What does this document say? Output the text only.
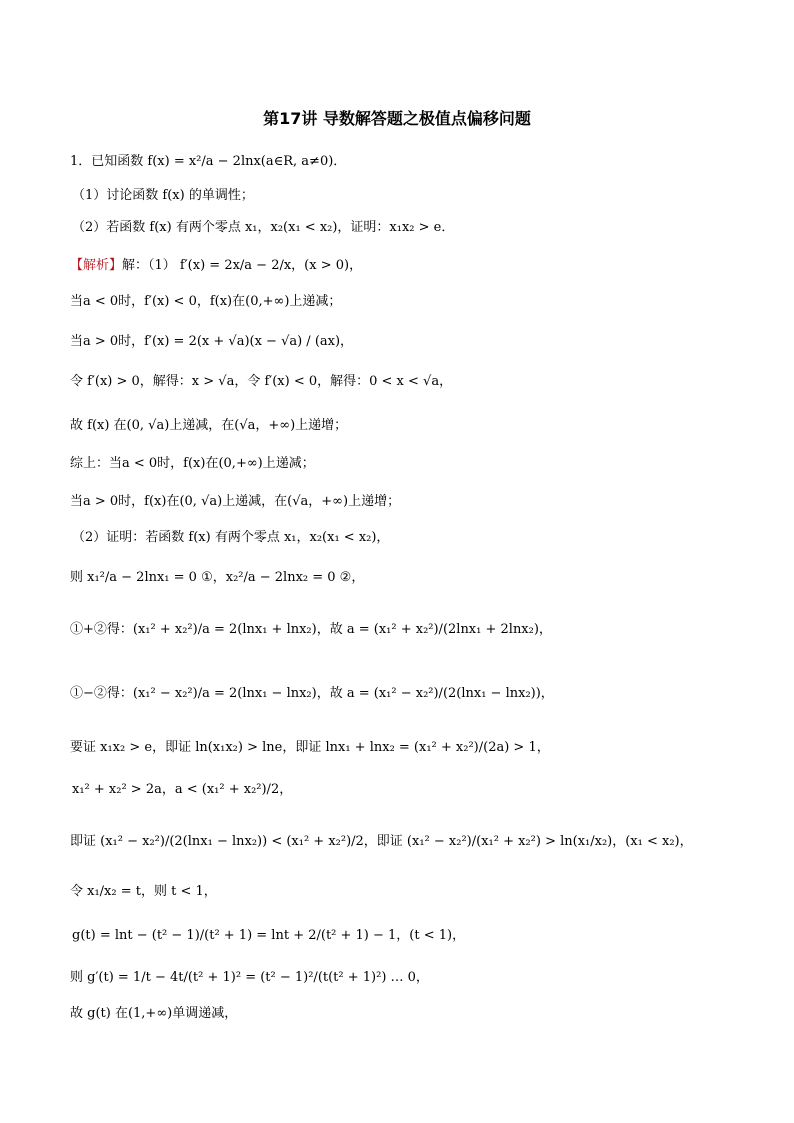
第17讲 导数解答题之极值点偏移问题
1．已知函数 f(x) = x²/a − 2lnx(a∈R, a≠0)．
（1）讨论函数 f(x) 的单调性；
（2）若函数 f(x) 有两个零点 x₁，x₂(x₁ < x₂)，证明：x₁x₂ > e．
【解析】解：（1） f′(x) = 2x/a − 2/x，(x > 0)，
当a < 0时，f′(x) < 0，f(x)在(0,+∞)上递减；
当a > 0时，f′(x) = 2(x + √a)(x − √a) / (ax)，
令 f′(x) > 0，解得：x > √a，令 f′(x) < 0，解得：0 < x < √a，
故 f(x) 在(0, √a)上递减，在(√a，+∞)上递增；
综上：当a < 0时，f(x)在(0,+∞)上递减；
当a > 0时，f(x)在(0, √a)上递减，在(√a，+∞)上递增；
（2）证明：若函数 f(x) 有两个零点 x₁，x₂(x₁ < x₂)，
则 x₁²/a − 2lnx₁ = 0 ①，x₂²/a − 2lnx₂ = 0 ②，
①+②得：(x₁² + x₂²)/a = 2(lnx₁ + lnx₂)，故 a = (x₁² + x₂²)/(2lnx₁ + 2lnx₂)，
①−②得：(x₁² − x₂²)/a = 2(lnx₁ − lnx₂)，故 a = (x₁² − x₂²)/(2(lnx₁ − lnx₂))，
要证 x₁x₂ > e，即证 ln(x₁x₂) > lne，即证 lnx₁ + lnx₂ = (x₁² + x₂²)/(2a) > 1，
x₁² + x₂² > 2a，a < (x₁² + x₂²)/2，
即证 (x₁² − x₂²)/(2(lnx₁ − lnx₂)) < (x₁² + x₂²)/2，即证 (x₁² − x₂²)/(x₁² + x₂²) > ln(x₁/x₂)，(x₁ < x₂)，
令 x₁/x₂ = t，则 t < 1，
g(t) = lnt − (t² − 1)/(t² + 1) = lnt + 2/(t² + 1) − 1，(t < 1)，
则 g′(t) = 1/t − 4t/(t² + 1)² = (t² − 1)²/(t(t² + 1)²) … 0，
故 g(t) 在(1,+∞)单调递减，
